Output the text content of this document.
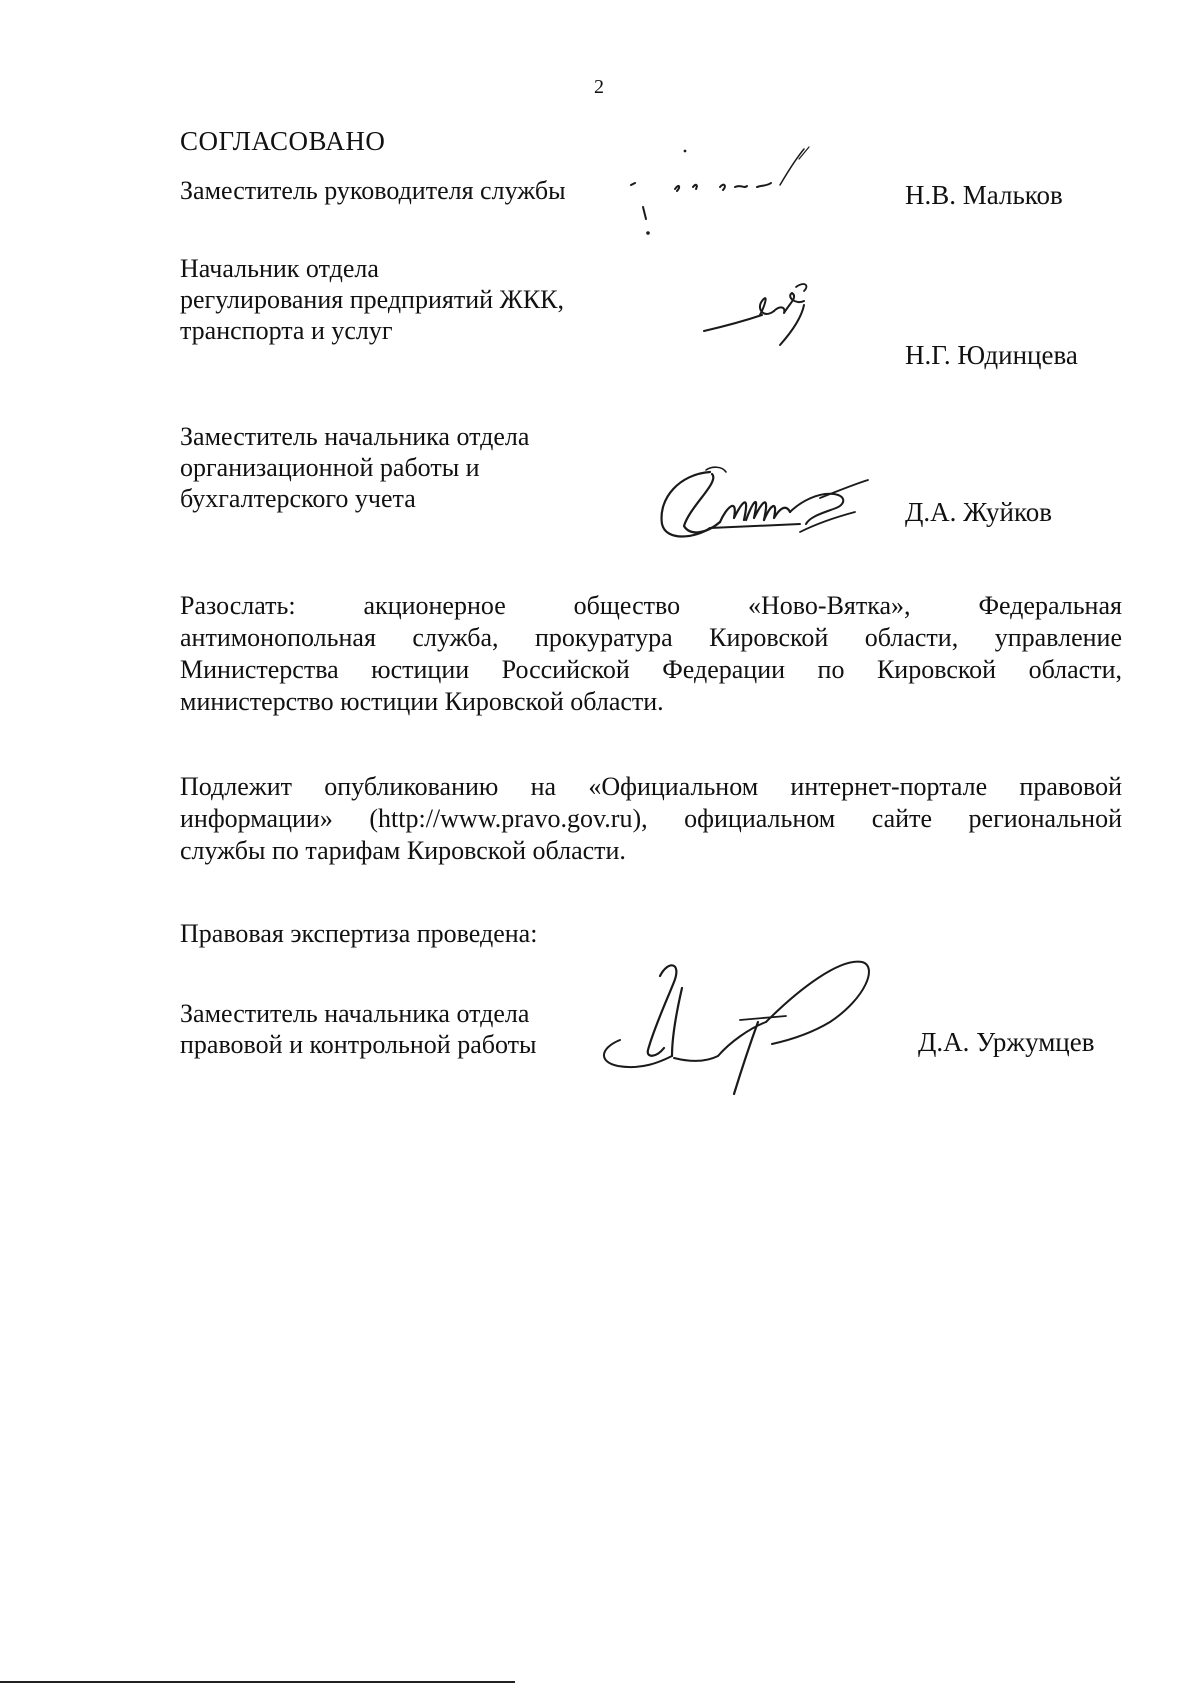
2
СОГЛАСОВАНО
Заместитель руководителя службы	Н.В. Мальков
Начальник отдела
регулирования предприятий ЖКК,
транспорта и услуг
Н.Г. Юдинцева
Заместитель начальника отдела
организационной работы и
бухгалтерского учета	Д.А. Жуйков
Разослать:	акционерное	общество	«Ново-Вятка»,	Федеральная
антимонопольная служба, прокуратура Кировской области, управление
Министерства юстиции Российской Федерации по Кировской области,
министерство юстиции Кировской области.
Подлежит опубликованию на «Официальном интернет-портале правовой
информации» (http://www.pravo.gov.ru), официальном сайте региональной
службы по тарифам Кировской области.
Правовая экспертиза проведена:
Заместитель начальника отдела
правовой и контрольной работы	Д.А. Уржумцев
